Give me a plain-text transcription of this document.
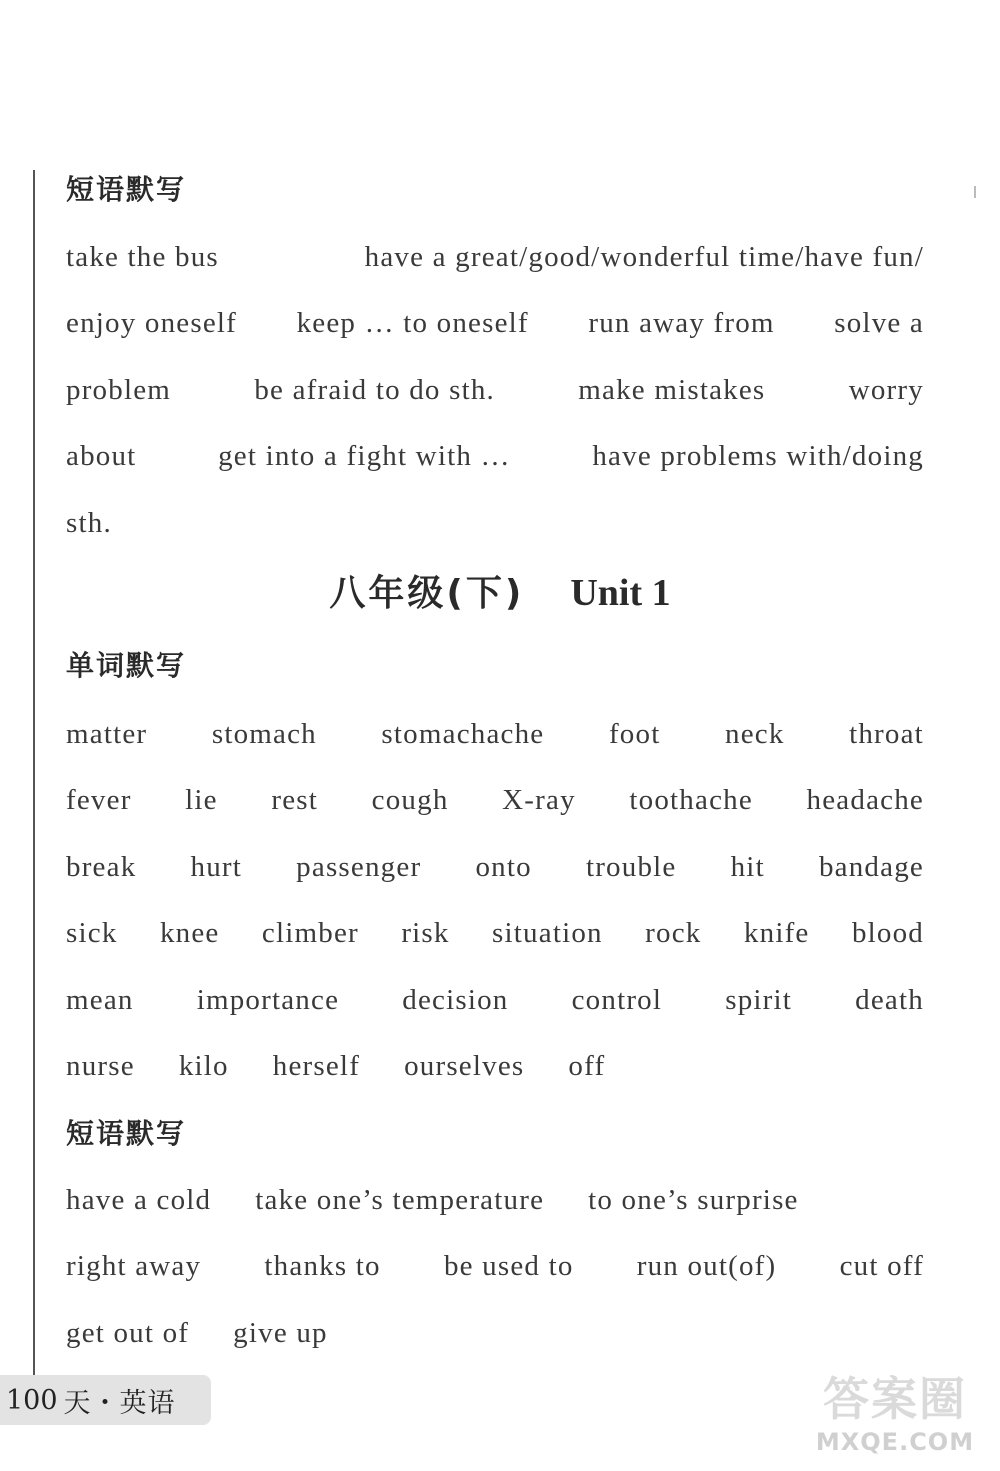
短语默写
take the bus	have a great/good/wonderful time/have fun/
enjoy oneself keep … to oneself run away from solve a
problem	be afraid to do sth.	make mistakes	worry
about	get into a fight with …	have problems with/doing
sth.
八年级(下) Unit 1
单词默写
matter stomach stomachache foot neck throat
fever lie rest cough X-ray toothache headache
break hurt passenger onto trouble hit bandage
sick knee climber risk situation rock knife blood
mean importance decision control spirit death
nurse kilo herself ourselves off
短语默写
have a cold take one’s temperature to one’s surprise
right away thanks to be used to run out(of) cut off
get out of give up
100 天・英语	答案圈
MXQE.COM
